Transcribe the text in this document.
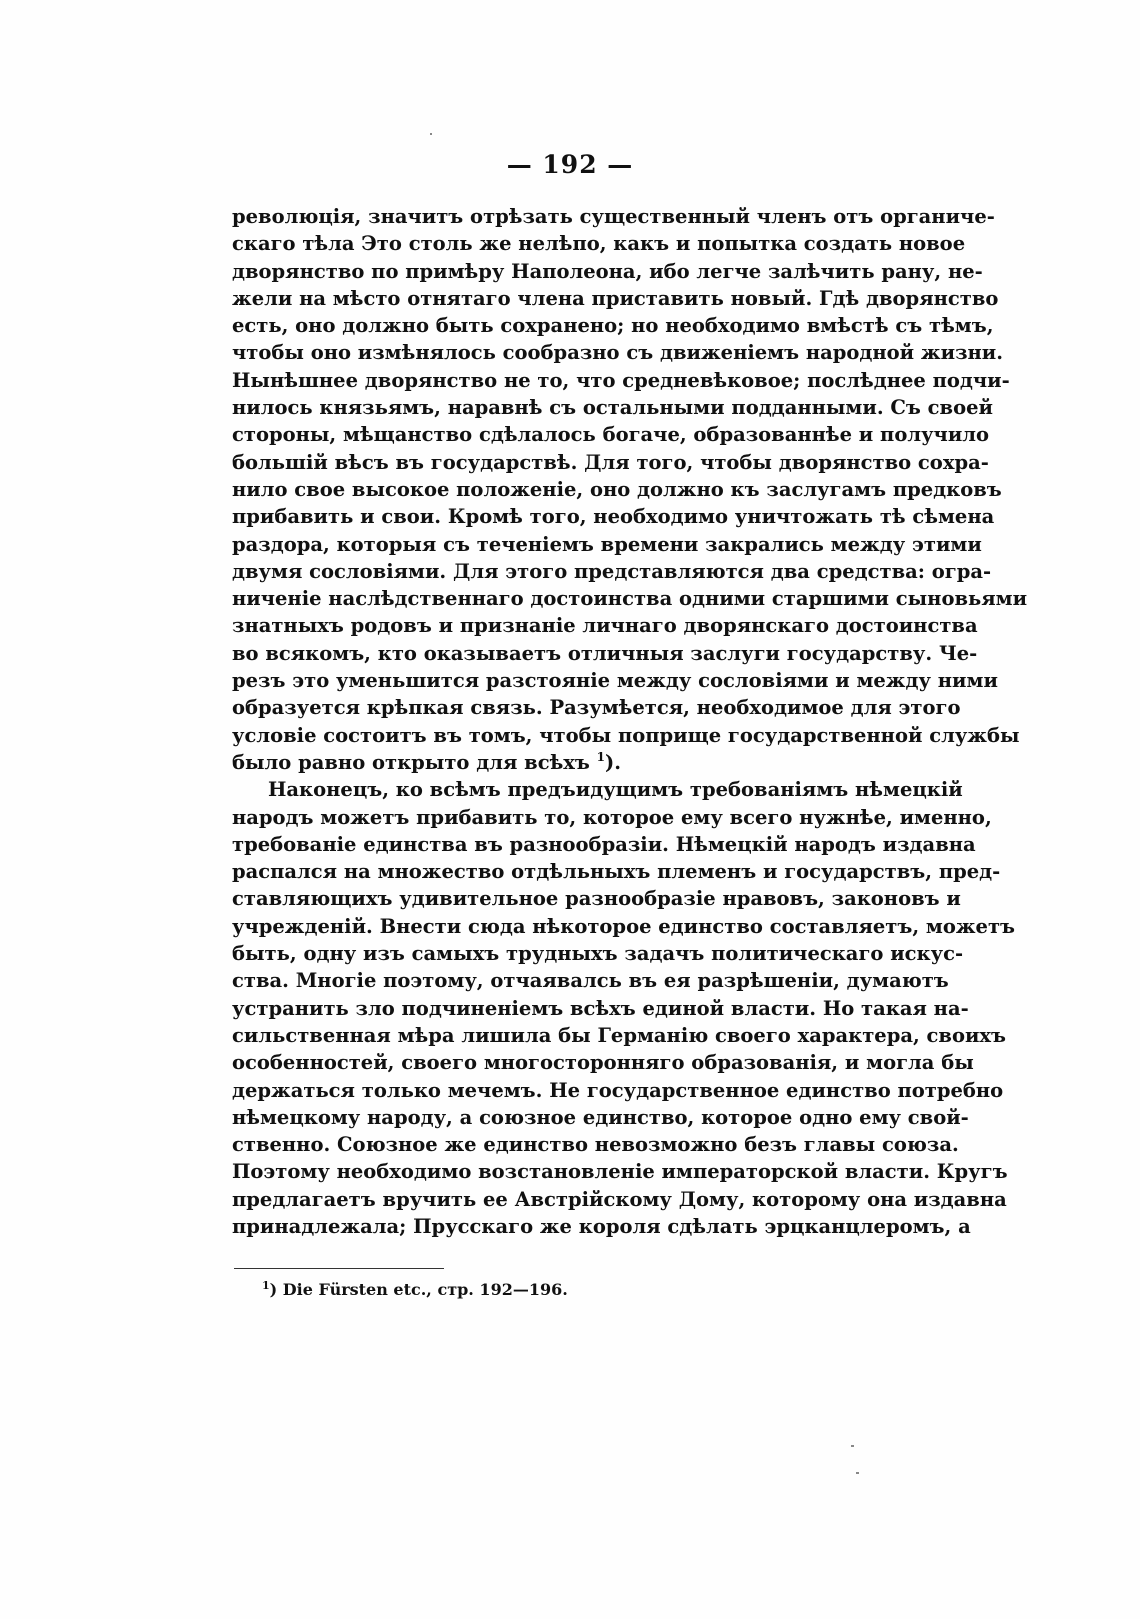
— 192 —
революція, значитъ отрѣзать существенный членъ отъ органиче-
скаго тѣла Это столь же нелѣпо, какъ и попытка создать новое
дворянство по примѣру Наполеона, ибо легче залѣчить рану, не-
жели на мѣсто отнятаго члена приставить новый. Гдѣ дворянство
есть, оно должно быть сохранено; но необходимо вмѣстѣ съ тѣмъ,
чтобы оно измѣнялось сообразно съ движеніемъ народной жизни.
Нынѣшнее дворянство не то, что средневѣковое; послѣднее подчи-
нилось князьямъ, наравнѣ съ остальными подданными. Съ своей
стороны, мѣщанство сдѣлалось богаче, образованнѣе и получило
большій вѣсъ въ государствѣ. Для того, чтобы дворянство сохра-
нило свое высокое положеніе, оно должно къ заслугамъ предковъ
прибавить и свои. Кромѣ того, необходимо уничтожать тѣ сѣмена
раздора, которыя съ теченіемъ времени закрались между этими
двумя сословіями. Для этого представляются два средства: огра-
ниченіе наслѣдственнаго достоинства одними старшими сыновьями
знатныхъ родовъ и признаніе личнаго дворянскаго достоинства
во всякомъ, кто оказываетъ отличныя заслуги государству. Че-
резъ это уменьшится разстояніе между сословіями и между ними
образуется крѣпкая связь. Разумѣется, необходимое для этого
условіе состоитъ въ томъ, чтобы поприще государственной службы
было равно открыто для всѣхъ $^1$).
Наконецъ, ко всѣмъ предъидущимъ требованіямъ нѣмецкій
народъ можетъ прибавить то, которое ему всего нужнѣе, именно,
требованіе единства въ разнообразіи. Нѣмецкій народъ издавна
распался на множество отдѣльныхъ племенъ и государствъ, пред-
ставляющихъ удивительное разнообразіе нравовъ, законовъ и
учрежденій. Внести сюда нѣкоторое единство составляетъ, можетъ
быть, одну изъ самыхъ трудныхъ задачъ политическаго искус-
ства. Многіе поэтому, отчаявалсь въ ея разрѣшеніи, думаютъ
устранить зло подчиненіемъ всѣхъ единой власти. Но такая на-
сильственная мѣра лишила бы Германію своего характера, своихъ
особенностей, своего многосторонняго образованія, и могла бы
держаться только мечемъ. Не государственное единство потребно
нѣмецкому народу, а союзное единство, которое одно ему свой-
ственно. Союзное же единство невозможно безъ главы союза.
Поэтому необходимо возстановленіе императорской власти. Кругъ
предлагаетъ вручить ее Австрійскому Дому, которому она издавна
принадлежала; Прусскаго же короля сдѣлать эрцканцлеромъ, а
$^1$) Die Fürsten etc., стр. 192—196.
